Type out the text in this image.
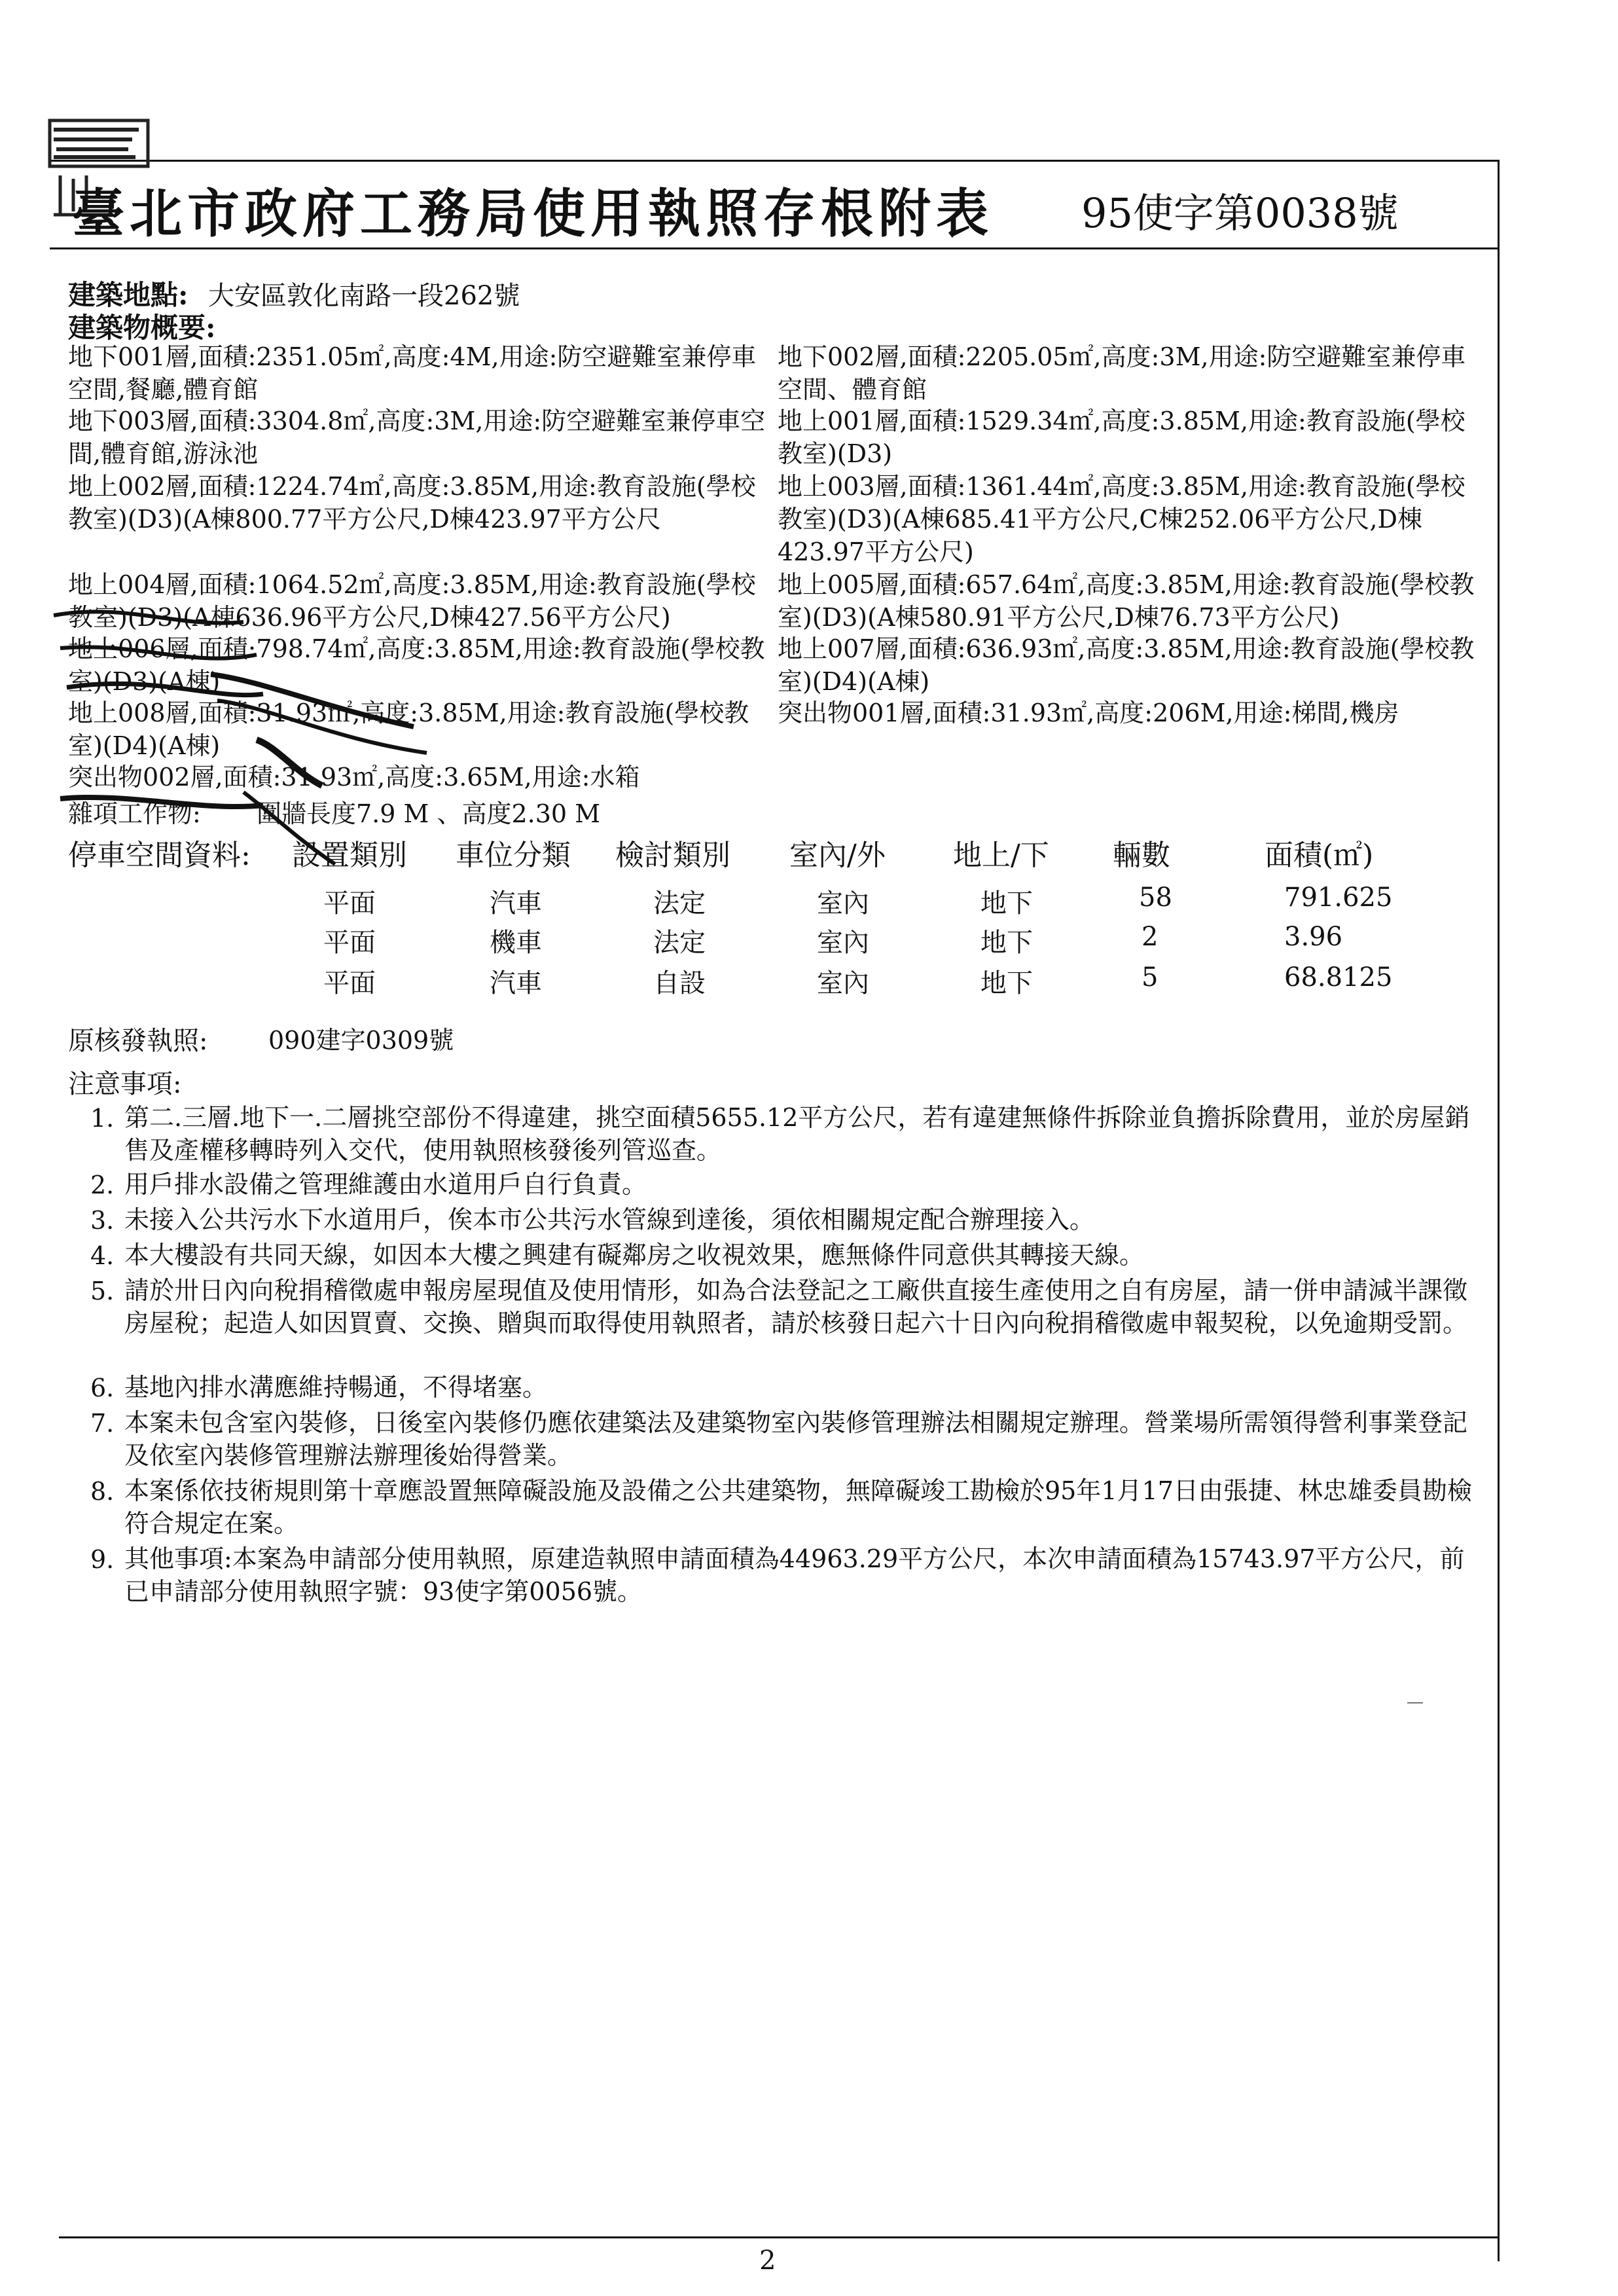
臺北市政府工務局使用執照存根附表 95使字第0038號
建築地點: 大安區敦化南路一段262號
建築物概要:
地下001層,面積:2351.05㎡,高度:4M,用途:防空避難室兼停車空間,餐廳,體育館
地下002層,面積:2205.05㎡,高度:3M,用途:防空避難室兼停車空間、體育館
地下003層,面積:3304.8㎡,高度:3M,用途:防空避難室兼停車空間,體育館,游泳池
地上001層,面積:1529.34㎡,高度:3.85M,用途:教育設施(學校教室)(D3)
地上002層,面積:1224.74㎡,高度:3.85M,用途:教育設施(學校教室)(D3)(A棟800.77平方公尺,D棟423.97平方公尺
地上003層,面積:1361.44㎡,高度:3.85M,用途:教育設施(學校教室)(D3)(A棟685.41平方公尺,C棟252.06平方公尺,D棟423.97平方公尺)
地上004層,面積:1064.52㎡,高度:3.85M,用途:教育設施(學校教室)(D3)(A棟636.96平方公尺,D棟427.56平方公尺)
地上005層,面積:657.64㎡,高度:3.85M,用途:教育設施(學校教室)(D3)(A棟580.91平方公尺,D棟76.73平方公尺)
地上006層,面積:798.74㎡,高度:3.85M,用途:教育設施(學校教室)(D3)(A棟)
地上007層,面積:636.93㎡,高度:3.85M,用途:教育設施(學校教室)(D4)(A棟)
地上008層,面積:31.93㎡,高度:3.85M,用途:教育設施(學校教室)(D4)(A棟)
突出物001層,面積:31.93㎡,高度:206M,用途:梯間,機房
突出物002層,面積:31.93㎡,高度:3.65M,用途:水箱
雜項工作物: 圍牆長度7.9 M 、高度2.30 M
停車空間資料: 設置類別 車位分類 檢討類別 室內/外 地上/下 輛數	面積(㎡)
平面	汽車	法定	室內	地下	58	791.625
平面	機車	法定	室內	地下	2	3.96
平面	汽車	自設	室內	地下	5	68.8125
原核發執照: 090建字0309號
注意事項:
1. 第二.三層.地下一.二層挑空部份不得違建，挑空面積5655.12平方公尺，若有違建無條件拆除並負擔拆除費用，並於房屋銷售及產權移轉時列入交代，使用執照核發後列管巡查。
2. 用戶排水設備之管理維護由水道用戶自行負責。
3. 未接入公共污水下水道用戶，俟本市公共污水管線到達後，須依相關規定配合辦理接入。
4. 本大樓設有共同天線，如因本大樓之興建有礙鄰房之收視效果，應無條件同意供其轉接天線。
5. 請於卅日內向稅捐稽徵處申報房屋現值及使用情形，如為合法登記之工廠供直接生產使用之自有房屋，請一併申請減半課徵房屋稅；起造人如因買賣、交換、贈與而取得使用執照者，請於核發日起六十日內向稅捐稽徵處申報契稅，以免逾期受罰。
6. 基地內排水溝應維持暢通，不得堵塞。
7. 本案未包含室內裝修，日後室內裝修仍應依建築法及建築物室內裝修管理辦法相關規定辦理。營業場所需領得營利事業登記及依室內裝修管理辦法辦理後始得營業。
8. 本案係依技術規則第十章應設置無障礙設施及設備之公共建築物，無障礙竣工勘檢於95年1月17日由張捷、林忠雄委員勘檢符合規定在案。
9. 其他事項:本案為申請部分使用執照，原建造執照申請面積為44963.29平方公尺，本次申請面積為15743.97平方公尺，前已申請部分使用執照字號：93使字第0056號。
2
